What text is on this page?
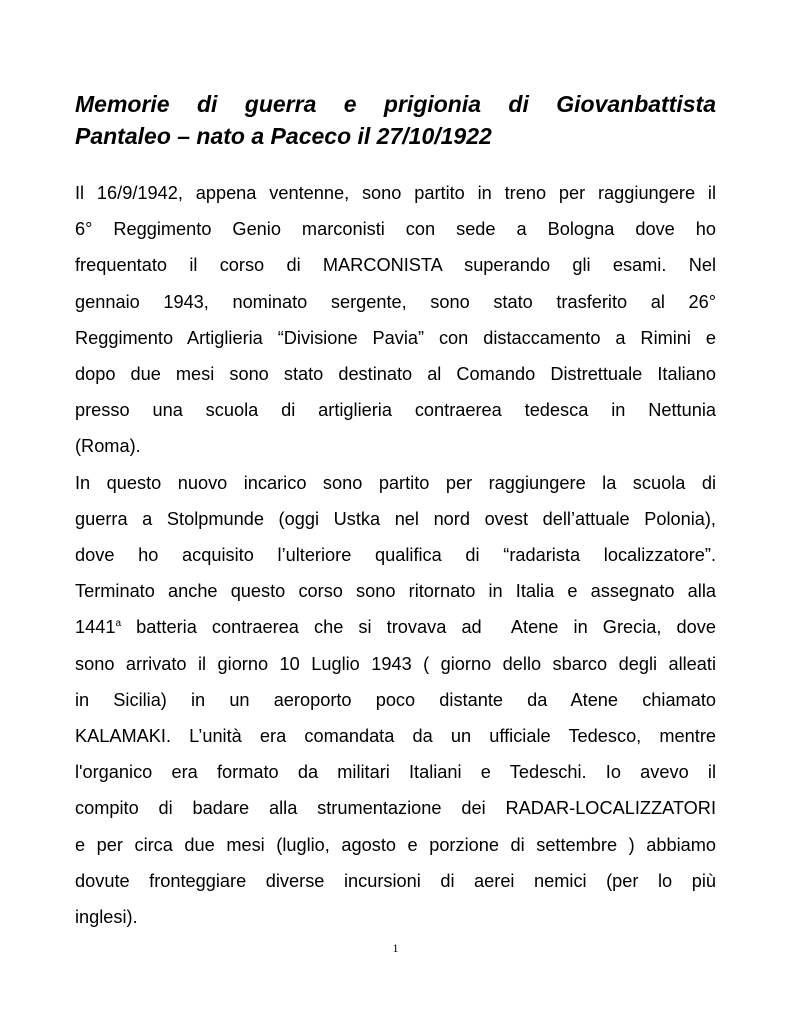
Memorie di guerra e prigionia di Giovanbattista
Pantaleo – nato a Paceco il 27/10/1922
Il 16/9/1942, appena ventenne, sono partito in treno per raggiungere il
6° Reggimento Genio marconisti con sede a Bologna dove ho
frequentato il corso di MARCONISTA superando gli esami. Nel
gennaio 1943, nominato sergente, sono stato trasferito al 26°
Reggimento Artiglieria “Divisione Pavia” con distaccamento a Rimini e
dopo due mesi sono stato destinato al Comando Distrettuale Italiano
presso una scuola di artiglieria contraerea tedesca in Nettunia
(Roma).
In questo nuovo incarico sono partito per raggiungere la scuola di
guerra a Stolpmunde (oggi Ustka nel nord ovest dell’attuale Polonia),
dove ho acquisito l’ulteriore qualifica di “radarista localizzatore”.
Terminato anche questo corso sono ritornato in Italia e assegnato alla
1441$^a$ batteria contraerea che si trovava ad  Atene in Grecia, dove
sono arrivato il giorno 10 Luglio 1943 ( giorno dello sbarco degli alleati
in Sicilia) in un aeroporto poco distante da Atene chiamato
KALAMAKI. L’unità era comandata da un ufficiale Tedesco, mentre
l'organico era formato da militari Italiani e Tedeschi. Io avevo il
compito di badare alla strumentazione dei RADAR-LOCALIZZATORI
e per circa due mesi (luglio, agosto e porzione di settembre ) abbiamo
dovute fronteggiare diverse incursioni di aerei nemici (per lo più
inglesi).
1
